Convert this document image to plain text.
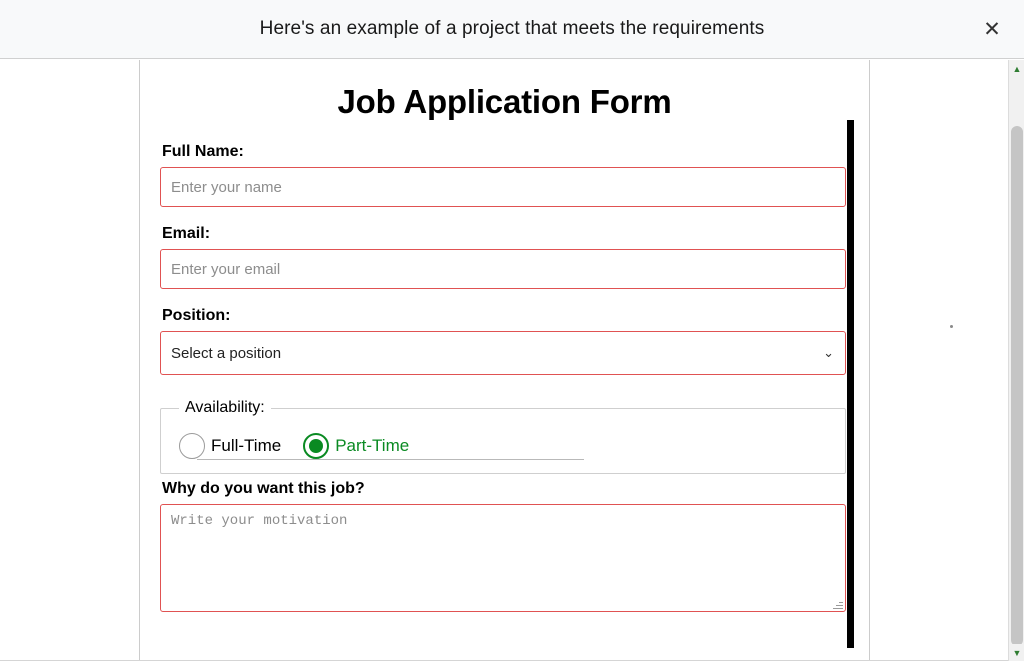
Here's an example of a project that meets the requirements	✕
Job Application Form
Full Name:
Enter your name
Email:
Enter your email
Position:
Select a position
⌄
Availability:
Full-Time	Part-Time
Why do you want this job?
Write your motivation
▲
▼
